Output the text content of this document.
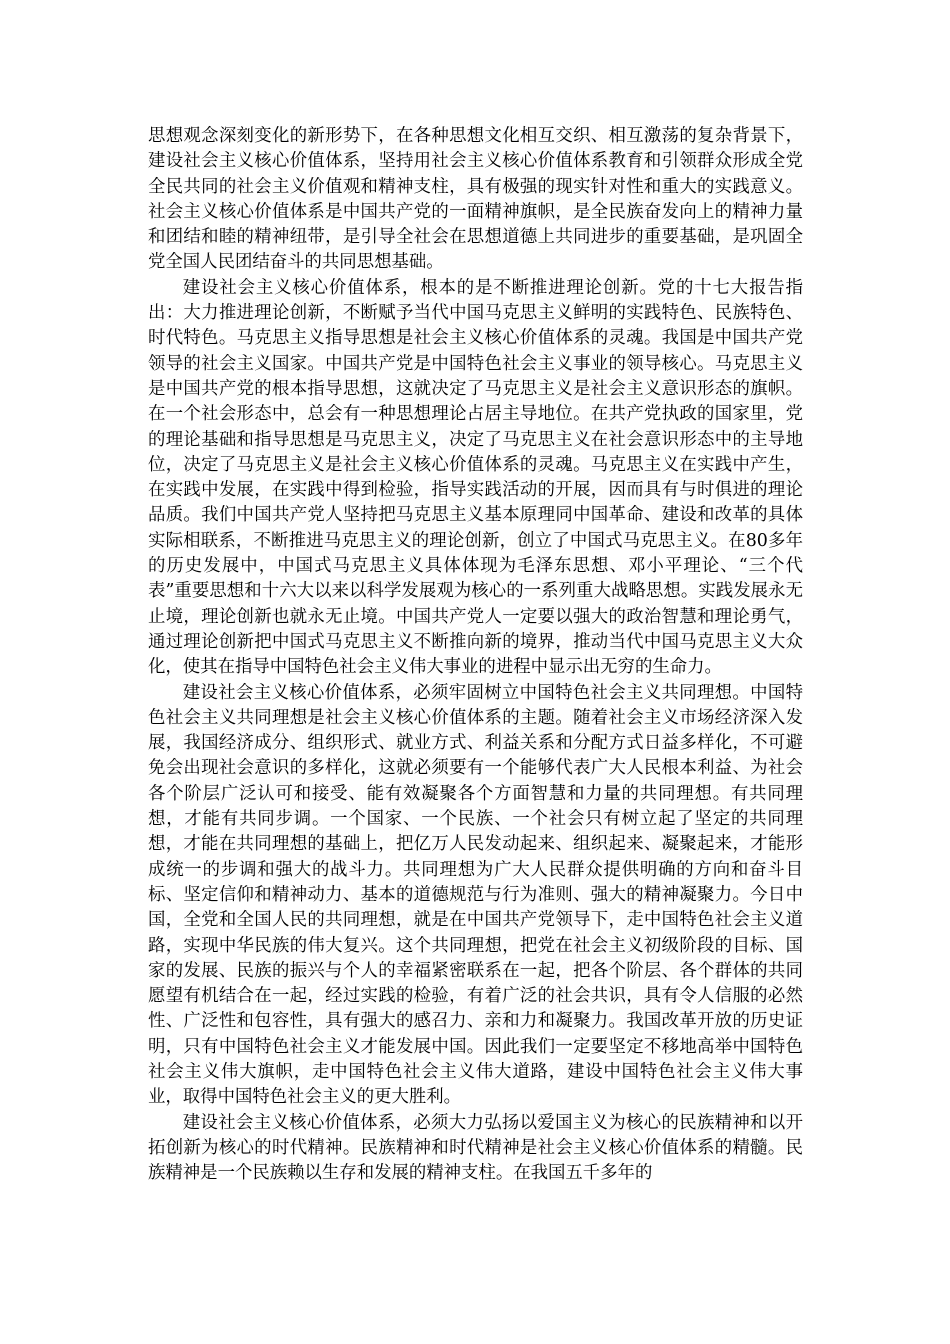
思想观念深刻变化的新形势下，在各种思想文化相互交织、相互激荡的复杂背景下，建设社会主义核心价值体系，坚持用社会主义核心价值体系教育和引领群众形成全党全民共同的社会主义价值观和精神支柱，具有极强的现实针对性和重大的实践意义。社会主义核心价值体系是中国共产党的一面精神旗帜，是全民族奋发向上的精神力量和团结和睦的精神纽带，是引导全社会在思想道德上共同进步的重要基础，是巩固全党全国人民团结奋斗的共同思想基础。

建设社会主义核心价值体系，根本的是不断推进理论创新。党的十七大报告指出：大力推进理论创新，不断赋予当代中国马克思主义鲜明的实践特色、民族特色、时代特色。马克思主义指导思想是社会主义核心价值体系的灵魂。我国是中国共产党领导的社会主义国家。中国共产党是中国特色社会主义事业的领导核心。马克思主义是中国共产党的根本指导思想，这就决定了马克思主义是社会主义意识形态的旗帜。在一个社会形态中，总会有一种思想理论占居主导地位。在共产党执政的国家里，党的理论基础和指导思想是马克思主义，决定了马克思主义在社会意识形态中的主导地位，决定了马克思主义是社会主义核心价值体系的灵魂。马克思主义在实践中产生，在实践中发展，在实践中得到检验，指导实践活动的开展，因而具有与时俱进的理论品质。我们中国共产党人坚持把马克思主义基本原理同中国革命、建设和改革的具体实际相联系，不断推进马克思主义的理论创新，创立了中国式马克思主义。在80多年的历史发展中，中国式马克思主义具体体现为毛泽东思想、邓小平理论、“三个代表”重要思想和十六大以来以科学发展观为核心的一系列重大战略思想。实践发展永无止境，理论创新也就永无止境。中国共产党人一定要以强大的政治智慧和理论勇气，通过理论创新把中国式马克思主义不断推向新的境界，推动当代中国马克思主义大众化，使其在指导中国特色社会主义伟大事业的进程中显示出无穷的生命力。

建设社会主义核心价值体系，必须牢固树立中国特色社会主义共同理想。中国特色社会主义共同理想是社会主义核心价值体系的主题。随着社会主义市场经济深入发展，我国经济成分、组织形式、就业方式、利益关系和分配方式日益多样化，不可避免会出现社会意识的多样化，这就必须要有一个能够代表广大人民根本利益、为社会各个阶层广泛认可和接受、能有效凝聚各个方面智慧和力量的共同理想。有共同理想，才能有共同步调。一个国家、一个民族、一个社会只有树立起了坚定的共同理想，才能在共同理想的基础上，把亿万人民发动起来、组织起来、凝聚起来，才能形成统一的步调和强大的战斗力。共同理想为广大人民群众提供明确的方向和奋斗目标、坚定信仰和精神动力、基本的道德规范与行为准则、强大的精神凝聚力。今日中国，全党和全国人民的共同理想，就是在中国共产党领导下，走中国特色社会主义道路，实现中华民族的伟大复兴。这个共同理想，把党在社会主义初级阶段的目标、国家的发展、民族的振兴与个人的幸福紧密联系在一起，把各个阶层、各个群体的共同愿望有机结合在一起，经过实践的检验，有着广泛的社会共识，具有令人信服的必然性、广泛性和包容性，具有强大的感召力、亲和力和凝聚力。我国改革开放的历史证明，只有中国特色社会主义才能发展中国。因此我们一定要坚定不移地高举中国特色社会主义伟大旗帜，走中国特色社会主义伟大道路，建设中国特色社会主义伟大事业，取得中国特色社会主义的更大胜利。

建设社会主义核心价值体系，必须大力弘扬以爱国主义为核心的民族精神和以开拓创新为核心的时代精神。民族精神和时代精神是社会主义核心价值体系的精髓。民族精神是一个民族赖以生存和发展的精神支柱。在我国五千多年的
